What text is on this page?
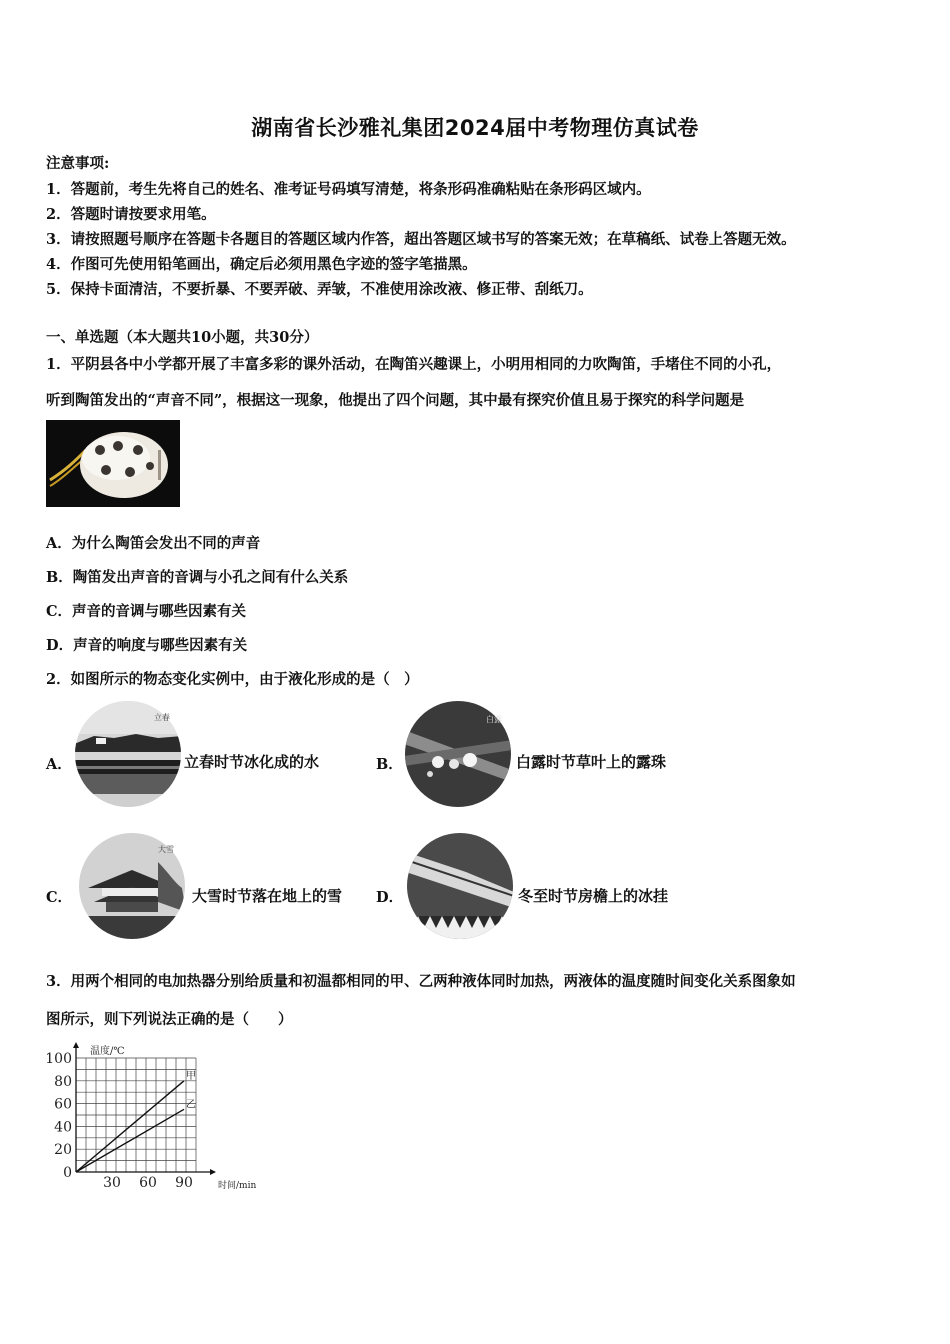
湖南省长沙雅礼集团2024届中考物理仿真试卷
注意事项:
1．答题前，考生先将自己的姓名、准考证号码填写清楚，将条形码准确粘贴在条形码区域内。
2．答题时请按要求用笔。
3．请按照题号顺序在答题卡各题目的答题区域内作答，超出答题区域书写的答案无效；在草稿纸、试卷上答题无效。
4．作图可先使用铅笔画出，确定后必须用黑色字迹的签字笔描黑。
5．保持卡面清洁，不要折暴、不要弄破、弄皱，不准使用涂改液、修正带、刮纸刀。
一、单选题（本大题共10小题，共30分）
1．平阴县各中小学都开展了丰富多彩的课外活动，在陶笛兴趣课上，小明用相同的力吹陶笛，手堵住不同的小孔，
听到陶笛发出的“声音不同”，根据这一现象，他提出了四个问题，其中最有探究价值且易于探究的科学问题是
A．为什么陶笛会发出不同的声音
B．陶笛发出声音的音调与小孔之间有什么关系
C．声音的音调与哪些因素有关
D．声音的响度与哪些因素有关
2．如图所示的物态变化实例中，由于液化形成的是（　）
A．
立春
立春时节冰化成的水	B．
白露
白露时节草叶上的露珠
C．
大雪
大雪时节落在地上的雪 D．	冬至时节房檐上的冰挂
3．用两个相同的电加热器分别给质量和初温都相同的甲、乙两种液体同时加热，两液体的温度随时间变化关系图象如
图所示，则下列说法正确的是（　　）
100
80
60
40
20
0
30 60 90
温度/℃
时间/min
甲
乙
